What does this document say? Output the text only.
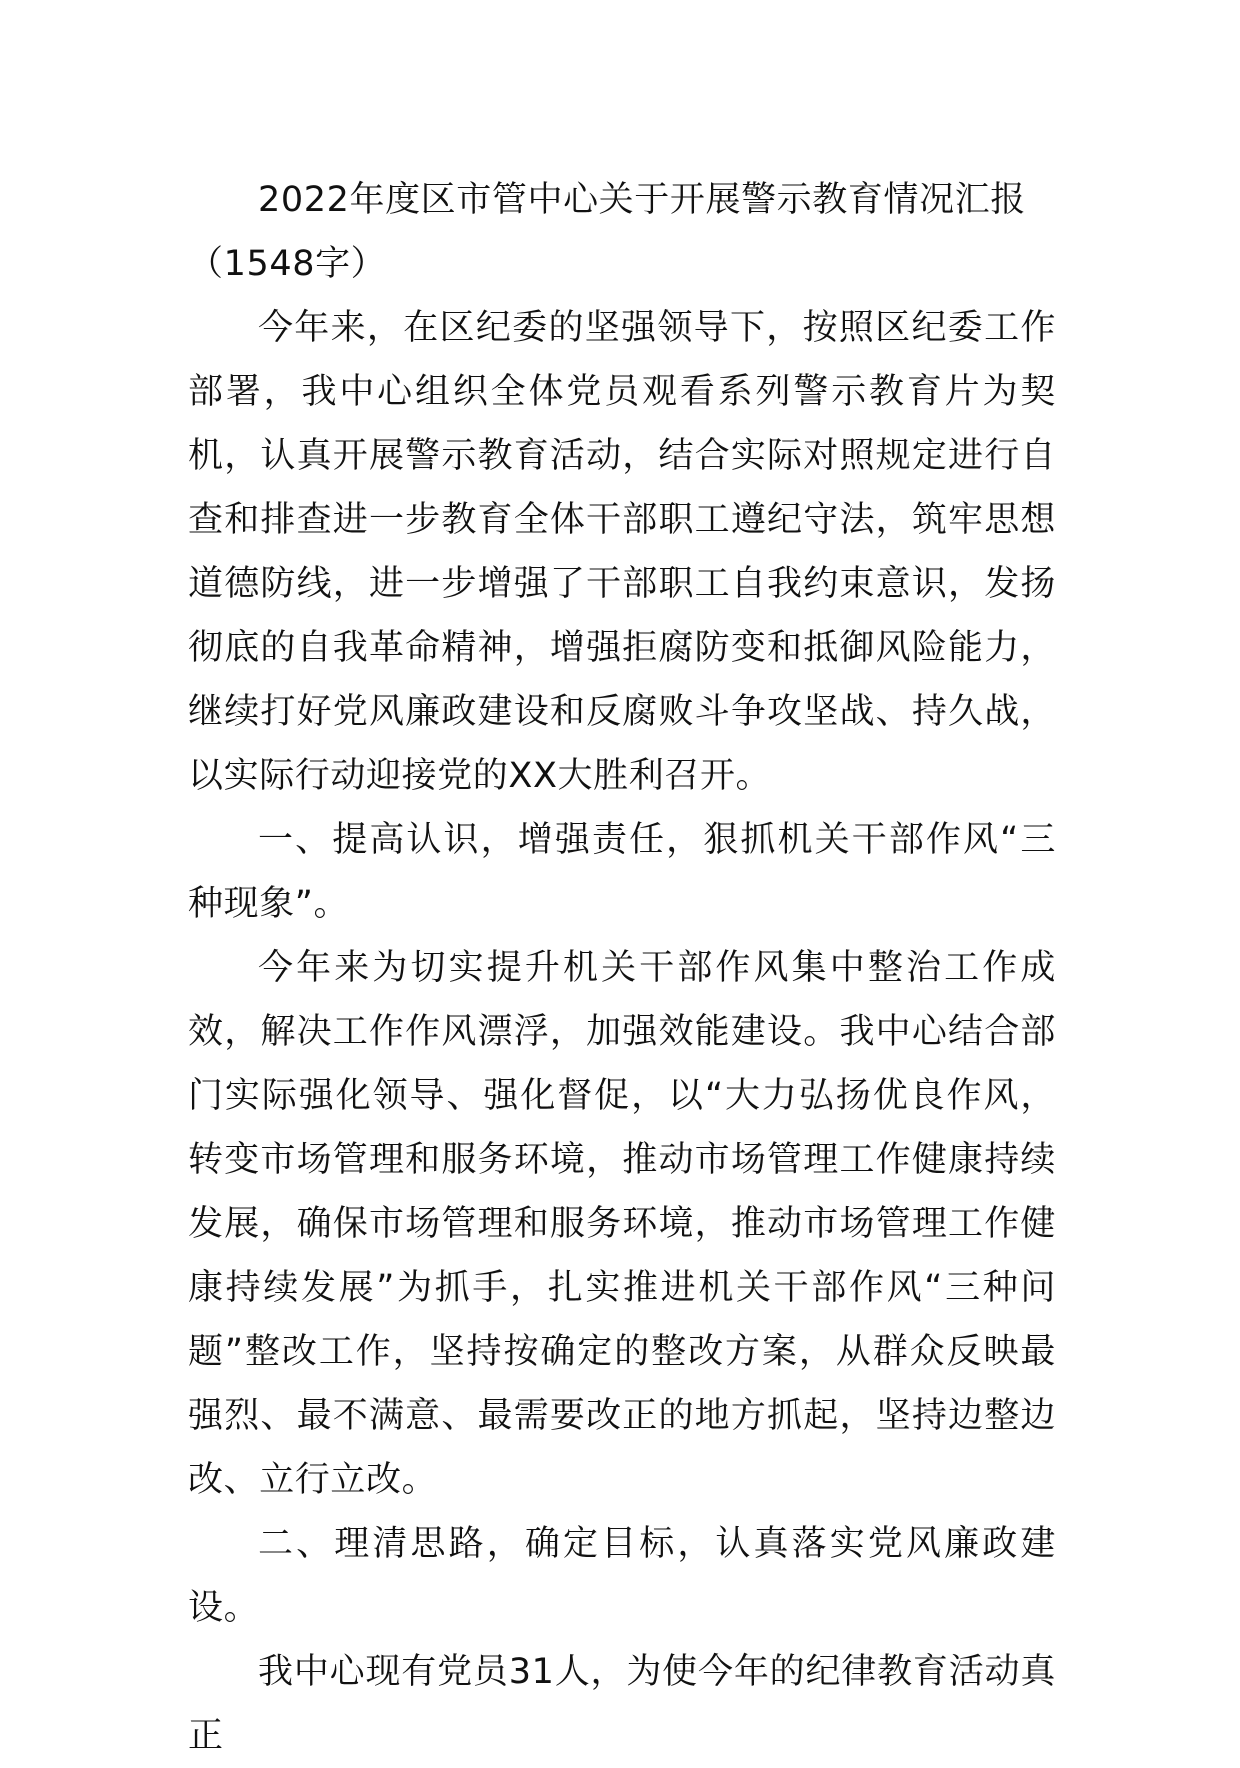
2022年度区市管中心关于开展警示教育情况汇报（1548字）

今年来，在区纪委的坚强领导下，按照区纪委工作部署，我中心组织全体党员观看系列警示教育片为契机，认真开展警示教育活动，结合实际对照规定进行自查和排查进一步教育全体干部职工遵纪守法，筑牢思想道德防线，进一步增强了干部职工自我约束意识，发扬彻底的自我革命精神，增强拒腐防变和抵御风险能力，继续打好党风廉政建设和反腐败斗争攻坚战、持久战，以实际行动迎接党的XX大胜利召开。

一、提高认识，增强责任，狠抓机关干部作风“三种现象”。

今年来为切实提升机关干部作风集中整治工作成效，解决工作作风漂浮，加强效能建设。我中心结合部门实际强化领导、强化督促，以“大力弘扬优良作风，转变市场管理和服务环境，推动市场管理工作健康持续发展，确保市场管理和服务环境，推动市场管理工作健康持续发展”为抓手，扎实推进机关干部作风“三种问题”整改工作，坚持按确定的整改方案，从群众反映最强烈、最不满意、最需要改正的地方抓起，坚持边整边改、立行立改。

二、理清思路，确定目标，认真落实党风廉政建设。

我中心现有党员31人，为使今年的纪律教育活动真正
